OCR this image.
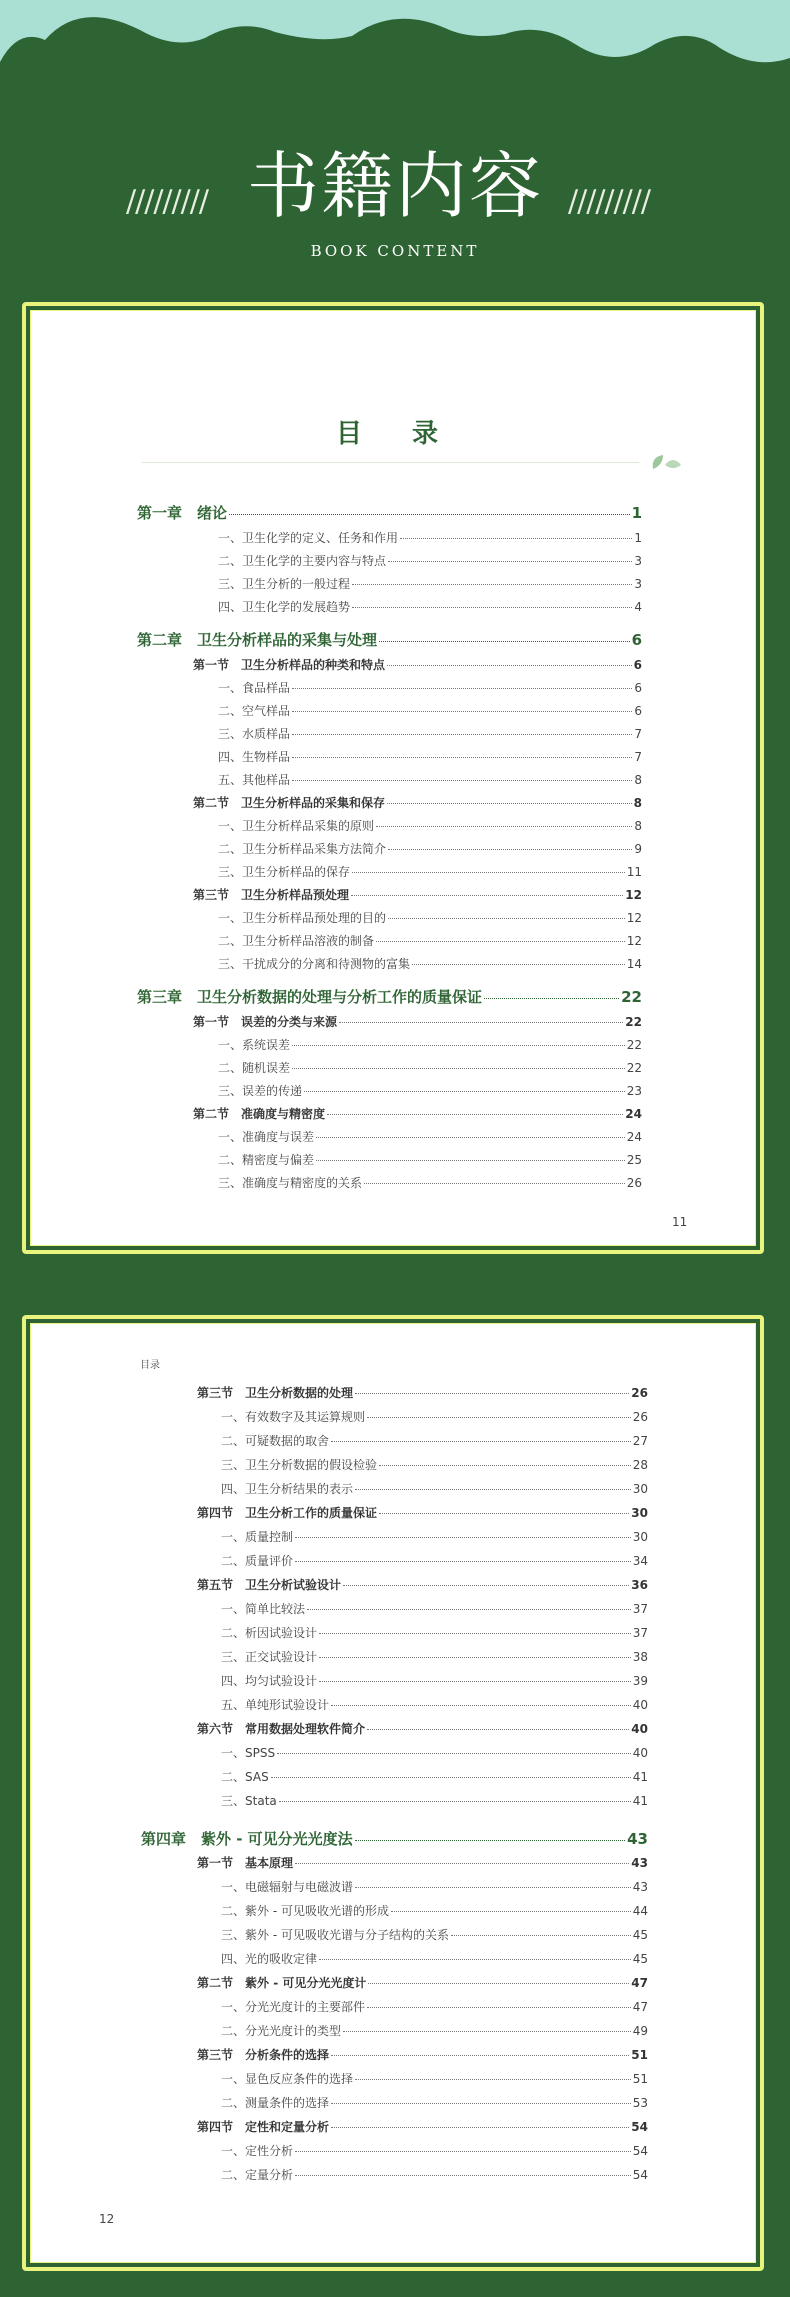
///////// 书籍内容 /////////
BOOK CONTENT
目　录
第一章　绪论	1
一、卫生化学的定义、任务和作用	1
二、卫生化学的主要内容与特点	3
三、卫生分析的一般过程	3
四、卫生化学的发展趋势	4
第二章　卫生分析样品的采集与处理	6
第一节　卫生分析样品的种类和特点	6
一、食品样品	6
二、空气样品	6
三、水质样品	7
四、生物样品	7
五、其他样品	8
第二节　卫生分析样品的采集和保存	8
一、卫生分析样品采集的原则	8
二、卫生分析样品采集方法简介	9
三、卫生分析样品的保存	11
第三节　卫生分析样品预处理	12
一、卫生分析样品预处理的目的	12
二、卫生分析样品溶液的制备	12
三、干扰成分的分离和待测物的富集	14
第三章　卫生分析数据的处理与分析工作的质量保证	22
第一节　误差的分类与来源	22
一、系统误差	22
二、随机误差	22
三、误差的传递	23
第二节　准确度与精密度	24
一、准确度与误差	24
二、精密度与偏差	25
三、准确度与精密度的关系	26
11
目录
第三节　卫生分析数据的处理	26
一、有效数字及其运算规则	26
二、可疑数据的取舍	27
三、卫生分析数据的假设检验	28
四、卫生分析结果的表示	30
第四节　卫生分析工作的质量保证	30
一、质量控制	30
二、质量评价	34
第五节　卫生分析试验设计	36
一、简单比较法	37
二、析因试验设计	37
三、正交试验设计	38
四、均匀试验设计	39
五、单纯形试验设计	40
第六节　常用数据处理软件简介	40
一、SPSS	40
二、SAS	41
三、Stata	41
第四章　紫外 - 可见分光光度法	43
第一节　基本原理	43
一、电磁辐射与电磁波谱	43
二、紫外 - 可见吸收光谱的形成	44
三、紫外 - 可见吸收光谱与分子结构的关系	45
四、光的吸收定律	45
第二节　紫外 - 可见分光光度计	47
一、分光光度计的主要部件	47
二、分光光度计的类型	49
第三节　分析条件的选择	51
一、显色反应条件的选择	51
二、测量条件的选择	53
第四节　定性和定量分析	54
一、定性分析	54
二、定量分析	54
12
